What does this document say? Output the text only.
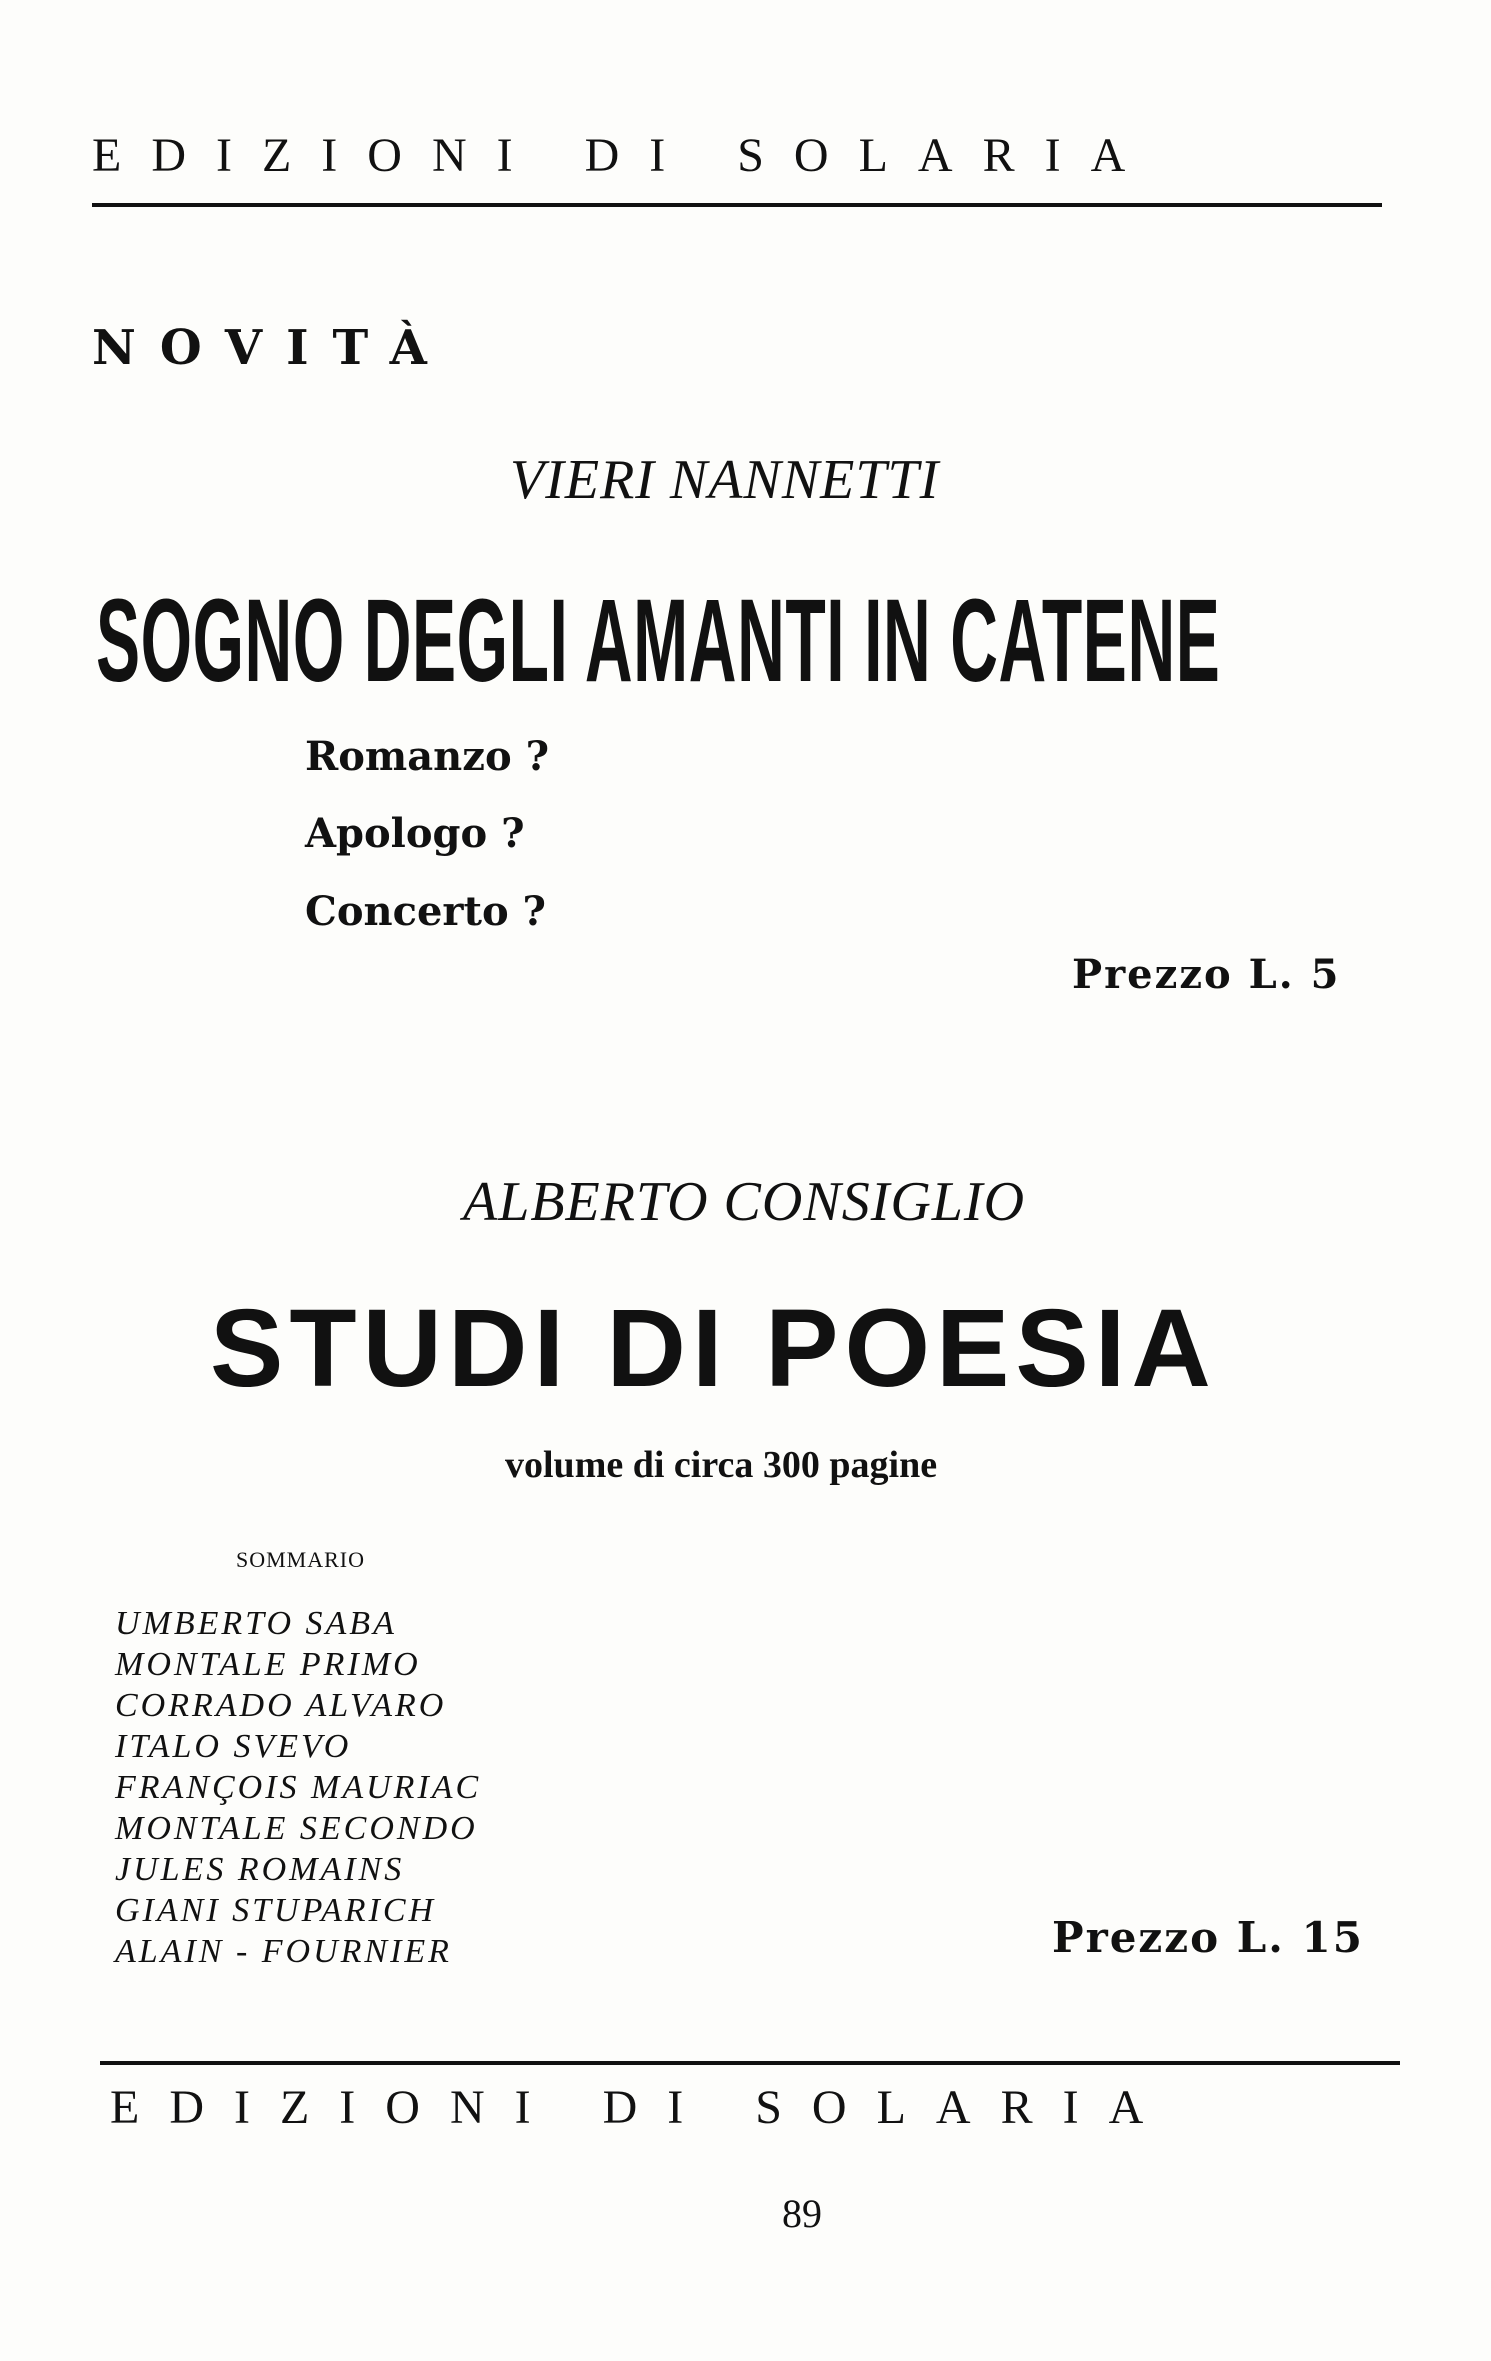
EDIZIONI DI SOLARIA
NOVITÀ
VIERI NANNETTI
SOGNO DEGLI AMANTI IN CATENE
Romanzo ?
Apologo ?
Concerto ?
Prezzo L. 5
ALBERTO CONSIGLIO
STUDI DI POESIA
volume di circa 300 pagine
SOMMARIO
UMBERTO SABA
MONTALE PRIMO
CORRADO ALVARO
ITALO SVEVO
FRANÇOIS MAURIAC
MONTALE SECONDO
JULES ROMAINS
GIANI STUPARICH
ALAIN - FOURNIER	Prezzo L. 15
EDIZIONI DI SOLARIA
89
